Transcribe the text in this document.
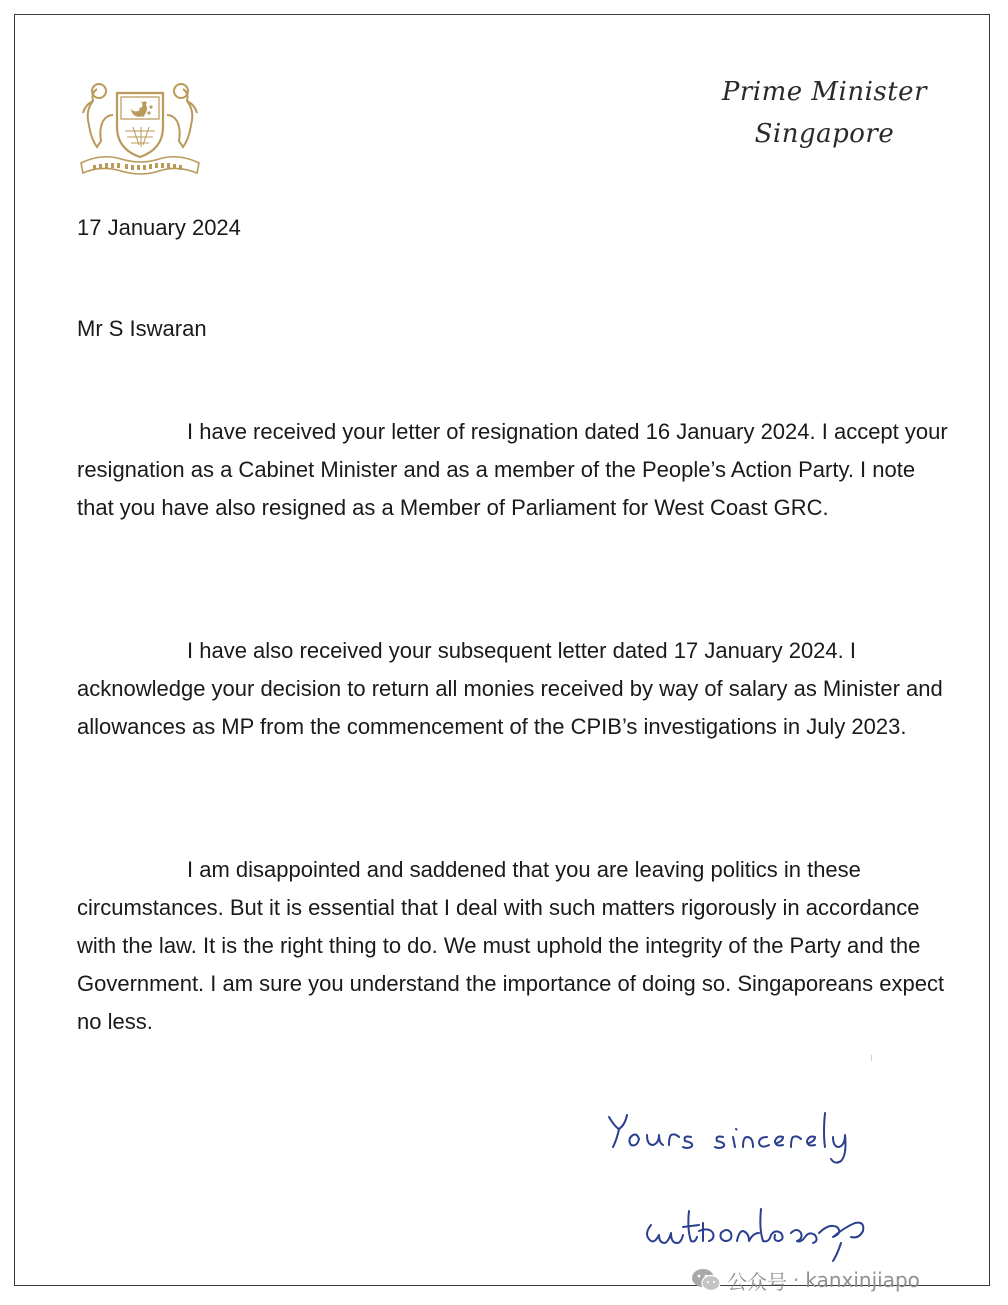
Prime Minister
Singapore
17 January 2024
Mr S Iswaran

I have received your letter of resignation dated 16 January 2024. I accept your resignation as a Cabinet Minister and as a member of the People’s Action Party. I note that you have also resigned as a Member of Parliament for West Coast GRC.

I have also received your subsequent letter dated 17 January 2024. I acknowledge your decision to return all monies received by way of salary as Minister and allowances as MP from the commencement of the CPIB’s investigations in July 2023.

I am disappointed and saddened that you are leaving politics in these circumstances. But it is essential that I deal with such matters rigorously in accordance with the law. It is the right thing to do. We must uphold the integrity of the Party and the Government. I am sure you understand the importance of doing so. Singaporeans expect no less.

公众号 · kanxinjiapo
